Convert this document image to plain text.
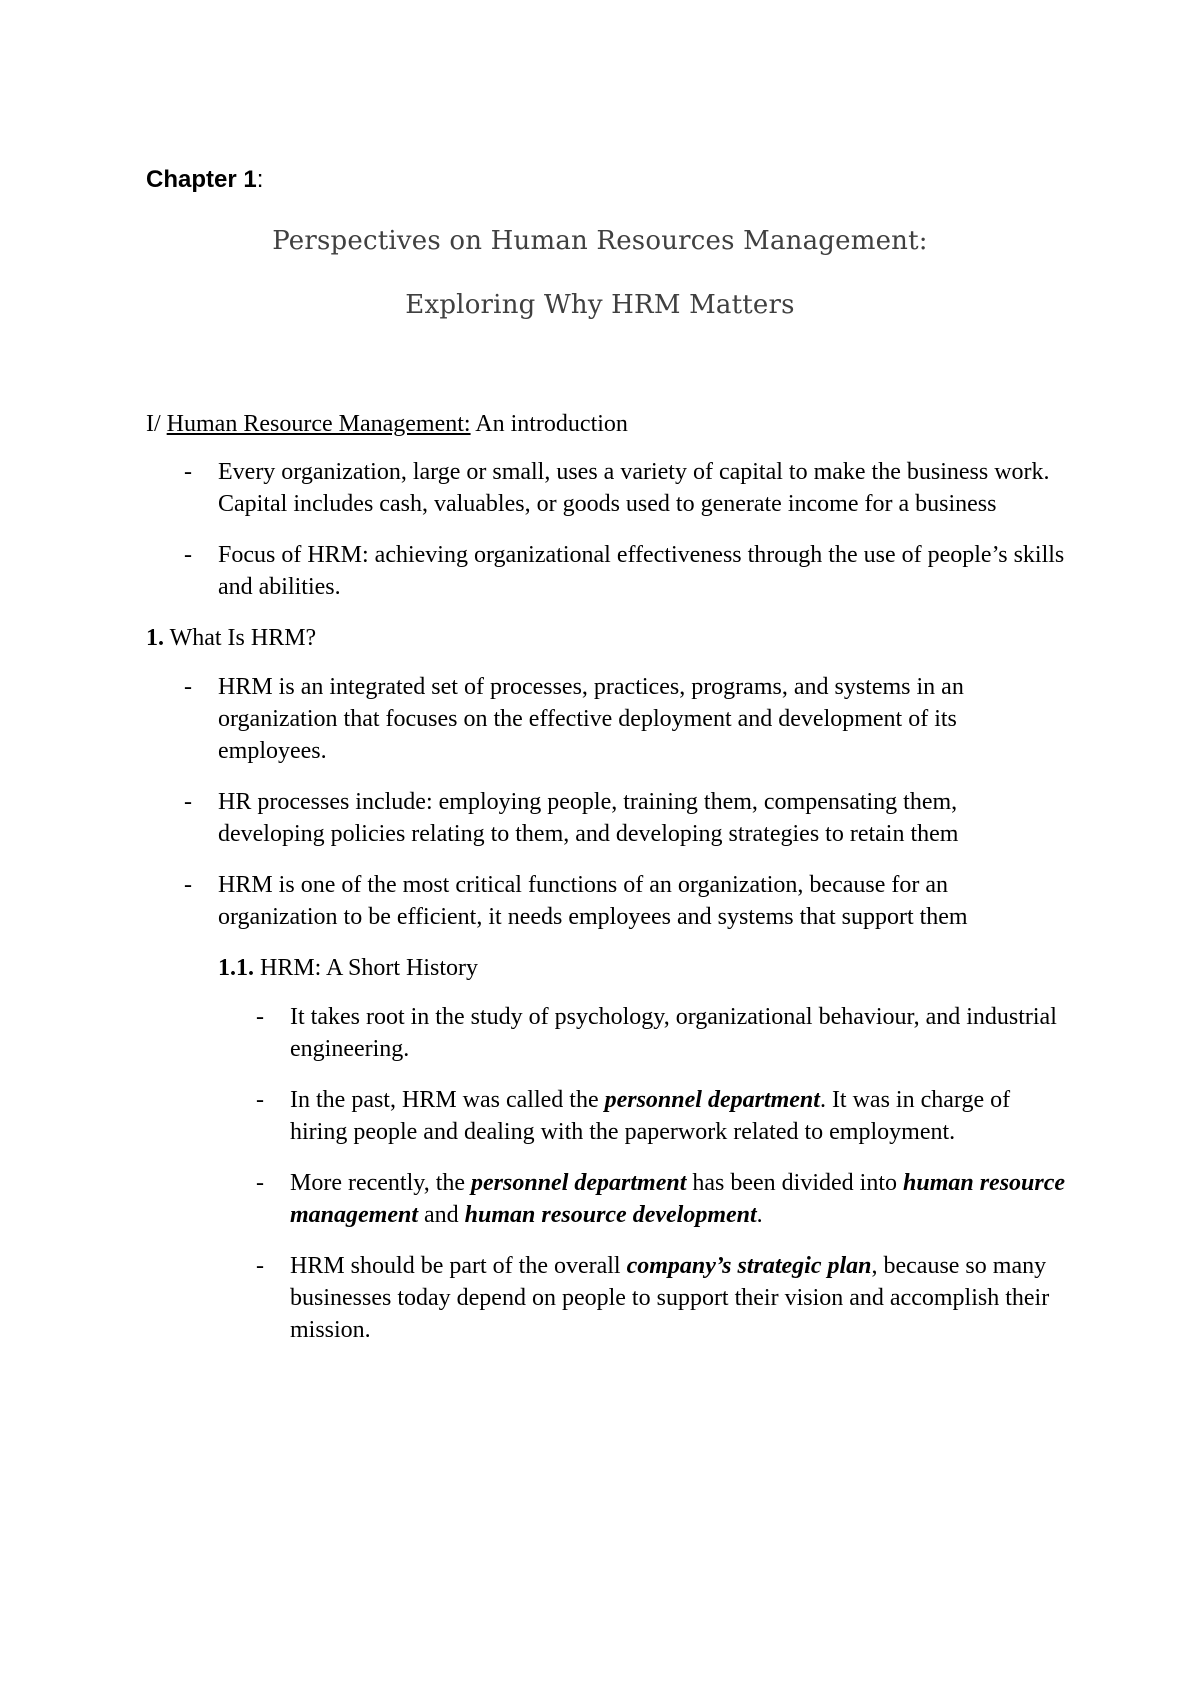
Chapter 1:

Perspectives on Human Resources Management:
Exploring Why HRM Matters

I/ Human Resource Management: An introduction

- Every organization, large or small, uses a variety of capital to make the business work. Capital includes cash, valuables, or goods used to generate income for a business
- Focus of HRM: achieving organizational effectiveness through the use of people’s skills and abilities.

1. What Is HRM?

- HRM is an integrated set of processes, practices, programs, and systems in an organization that focuses on the effective deployment and development of its employees.
- HR processes include: employing people, training them, compensating them, developing policies relating to them, and developing strategies to retain them
- HRM is one of the most critical functions of an organization, because for an organization to be efficient, it needs employees and systems that support them

1.1. HRM: A Short History

- It takes root in the study of psychology, organizational behaviour, and industrial engineering.
- In the past, HRM was called the personnel department. It was in charge of hiring people and dealing with the paperwork related to employment.
- More recently, the personnel department has been divided into human resource management and human resource development.
- HRM should be part of the overall company’s strategic plan, because so many businesses today depend on people to support their vision and accomplish their mission.
